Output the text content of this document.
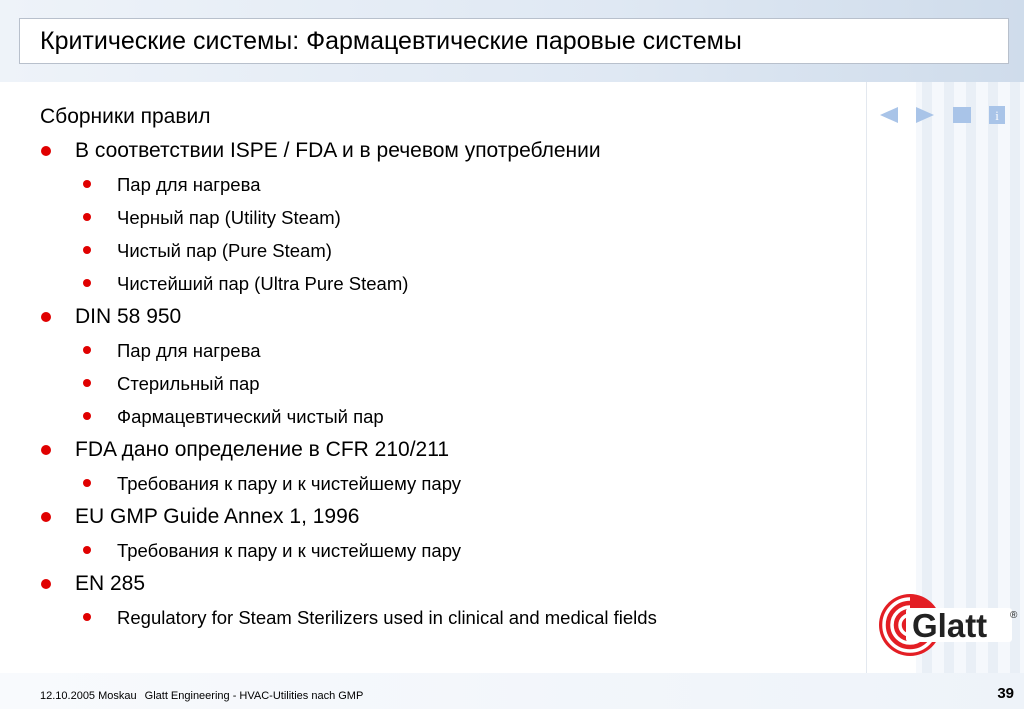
Критические системы: Фармацевтические паровые системы
i

Сборники правил

В соответствии ISPE / FDA и в речевом употреблении
Пар для нагрева
Черный пар (Utility Steam)
Чистый пар (Pure Steam)
Чистейший пар (Ultra Pure Steam)
DIN 58 950
Пар для нагрева
Стерильный пар
Фармацевтический чистый пар
FDA дано определение в CFR 210/211
Требования к пару и к чистейшему пару
EU GMP Guide Annex 1, 1996
Требования к пару и к чистейшему пару
EN 285
Regulatory for Steam Sterilizers used in clinical and medical fields	Glatt ®
12.10.2005 Moskau Glatt Engineering - HVAC-Utilities nach GMP	39
